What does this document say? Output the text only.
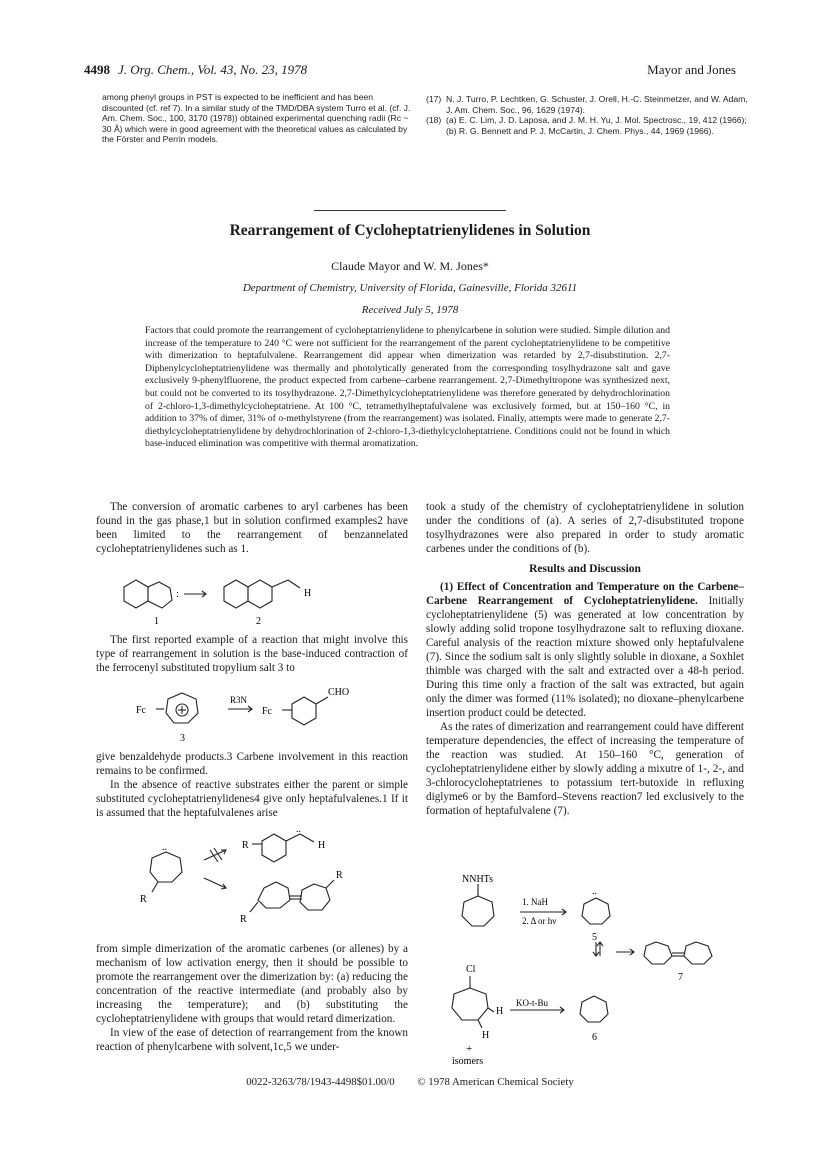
4498 J. Org. Chem., Vol. 43, No. 23, 1978	Mayor and Jones

among phenyl groups in PST is expected to be inefficient and has been discounted (cf. ref 7). In a similar study of the TMD/DBA system Turro et al. (cf. J. Am. Chem. Soc., 100, 3170 (1978)) obtained experimental quenching radii (Rc ~ 30 Å) which were in good agreement with the theoretical values as calculated by the Förster and Perrin models.

(17) N. J. Turro, P. Lechtken, G. Schuster, J. Orell, H.-C. Steinmetzer, and W. Adam, J. Am. Chem. Soc., 96, 1629 (1974).

(18) (a) E. C. Lim, J. D. Laposa, and J. M. H. Yu, J. Mol. Spectrosc., 19, 412 (1966); (b) R. G. Bennett and P. J. McCartin, J. Chem. Phys., 44, 1969 (1966).

Rearrangement of Cycloheptatrienylidenes in Solution
Claude Mayor and W. M. Jones*
Department of Chemistry, University of Florida, Gainesville, Florida 32611
Received July 5, 1978

Factors that could promote the rearrangement of cycloheptatrienylidene to phenylcarbene in solution were studied. Simple dilution and increase of the temperature to 240 °C were not sufficient for the rearrangement of the parent cycloheptatrienylidene to be competitive with dimerization to heptafulvalene. Rearrangement did appear when dimerization was retarded by 2,7-disubstitution. 2,7-Diphenylcycloheptatrienylidene was thermally and photolytically generated from the corresponding tosylhydrazone salt and gave exclusively 9-phenylfluorene, the product expected from carbene–carbene rearrangement. 2,7-Dimethyltropone was synthesized next, but could not be converted to its tosylhydrazone. 2,7-Dimethylcycloheptatrienylidene was therefore generated by dehydrochlorination of 2-chloro-1,3-dimethylcycloheptatriene. At 100 °C, tetramethylheptafulvalene was exclusively formed, but at 150–160 °C, in addition to 37% of dimer, 31% of o-methylstyrene (from the rearrangement) was isolated. Finally, attempts were made to generate 2,7-diethylcycloheptatrienylidene by dehydrochlorination of 2-chloro-1,3-diethylcycloheptatriene. Conditions could not be found in which base-induced elimination was competitive with thermal aromatization.

The conversion of aromatic carbenes to aryl carbenes has been found in the gas phase,1 but in solution confirmed examples2 have been limited to the rearrangement of benzannelated cycloheptatrienylidenes such as 1.

:	H
1	2

The first reported example of a reaction that might involve this type of rearrangement in solution is the base-induced contraction of the ferrocenyl substituted tropylium salt 3 to

Fc
R3N
Fc
CHO
3

give benzaldehyde products.3 Carbene involvement in this reaction remains to be confirmed.

In the absence of reactive substrates either the parent or simple substituted cycloheptatrienylidenes4 give only heptafulvalenes.1 If it is assumed that the heptafulvalenes arise

..
R
R
..
H
R
R

from simple dimerization of the aromatic carbenes (or allenes) by a mechanism of low activation energy, then it should be possible to promote the rearrangement over the dimerization by: (a) reducing the concentration of the reactive intermediate (and probably also by increasing the temperature); and (b) substituting the cycloheptatrienylidene with groups that would retard dimerization.

In view of the ease of detection of rearrangement from the known reaction of phenylcarbene with solvent,1c,5 we under-

took a study of the chemistry of cycloheptatrienylidene in solution under the conditions of (a). A series of 2,7-disubstituted tropone tosylhydrazones were also prepared in order to study aromatic carbenes under the conditions of (b).

Results and Discussion

(1) Effect of Concentration and Temperature on the Carbene–Carbene Rearrangement of Cycloheptatrienylidene. Initially cycloheptatrienylidene (5) was generated at low concentration by slowly adding solid tropone tosylhydrazone salt to refluxing dioxane. Careful analysis of the reaction mixture showed only heptafulvalene (7). Since the sodium salt is only slightly soluble in dioxane, a Soxhlet thimble was charged with the salt and extracted over a 48-h period. During this time only a fraction of the salt was extracted, but again only the dimer was formed (11% isolated); no dioxane–phenylcarbene insertion product could be detected.

As the rates of dimerization and rearrangement could have different temperature dependencies, the effect of increasing the temperature of the reaction was studied. At 150–160 °C, generation of cycloheptatrienylidene either by slowly adding a mixutre of 1-, 2-, and 3-chlorocycloheptatrienes to potassium tert-butoxide in refluxing diglyme6 or by the Bamford–Stevens reaction7 led exclusively to the formation of heptafulvalene (7).

NNHTs
1. NaH
2. Δ or hν
..
5
Cl
H
KO-t-Bu
H	6
7
+
isomers
0022-3263/78/1943-4498$01.00/0 © 1978 American Chemical Society
